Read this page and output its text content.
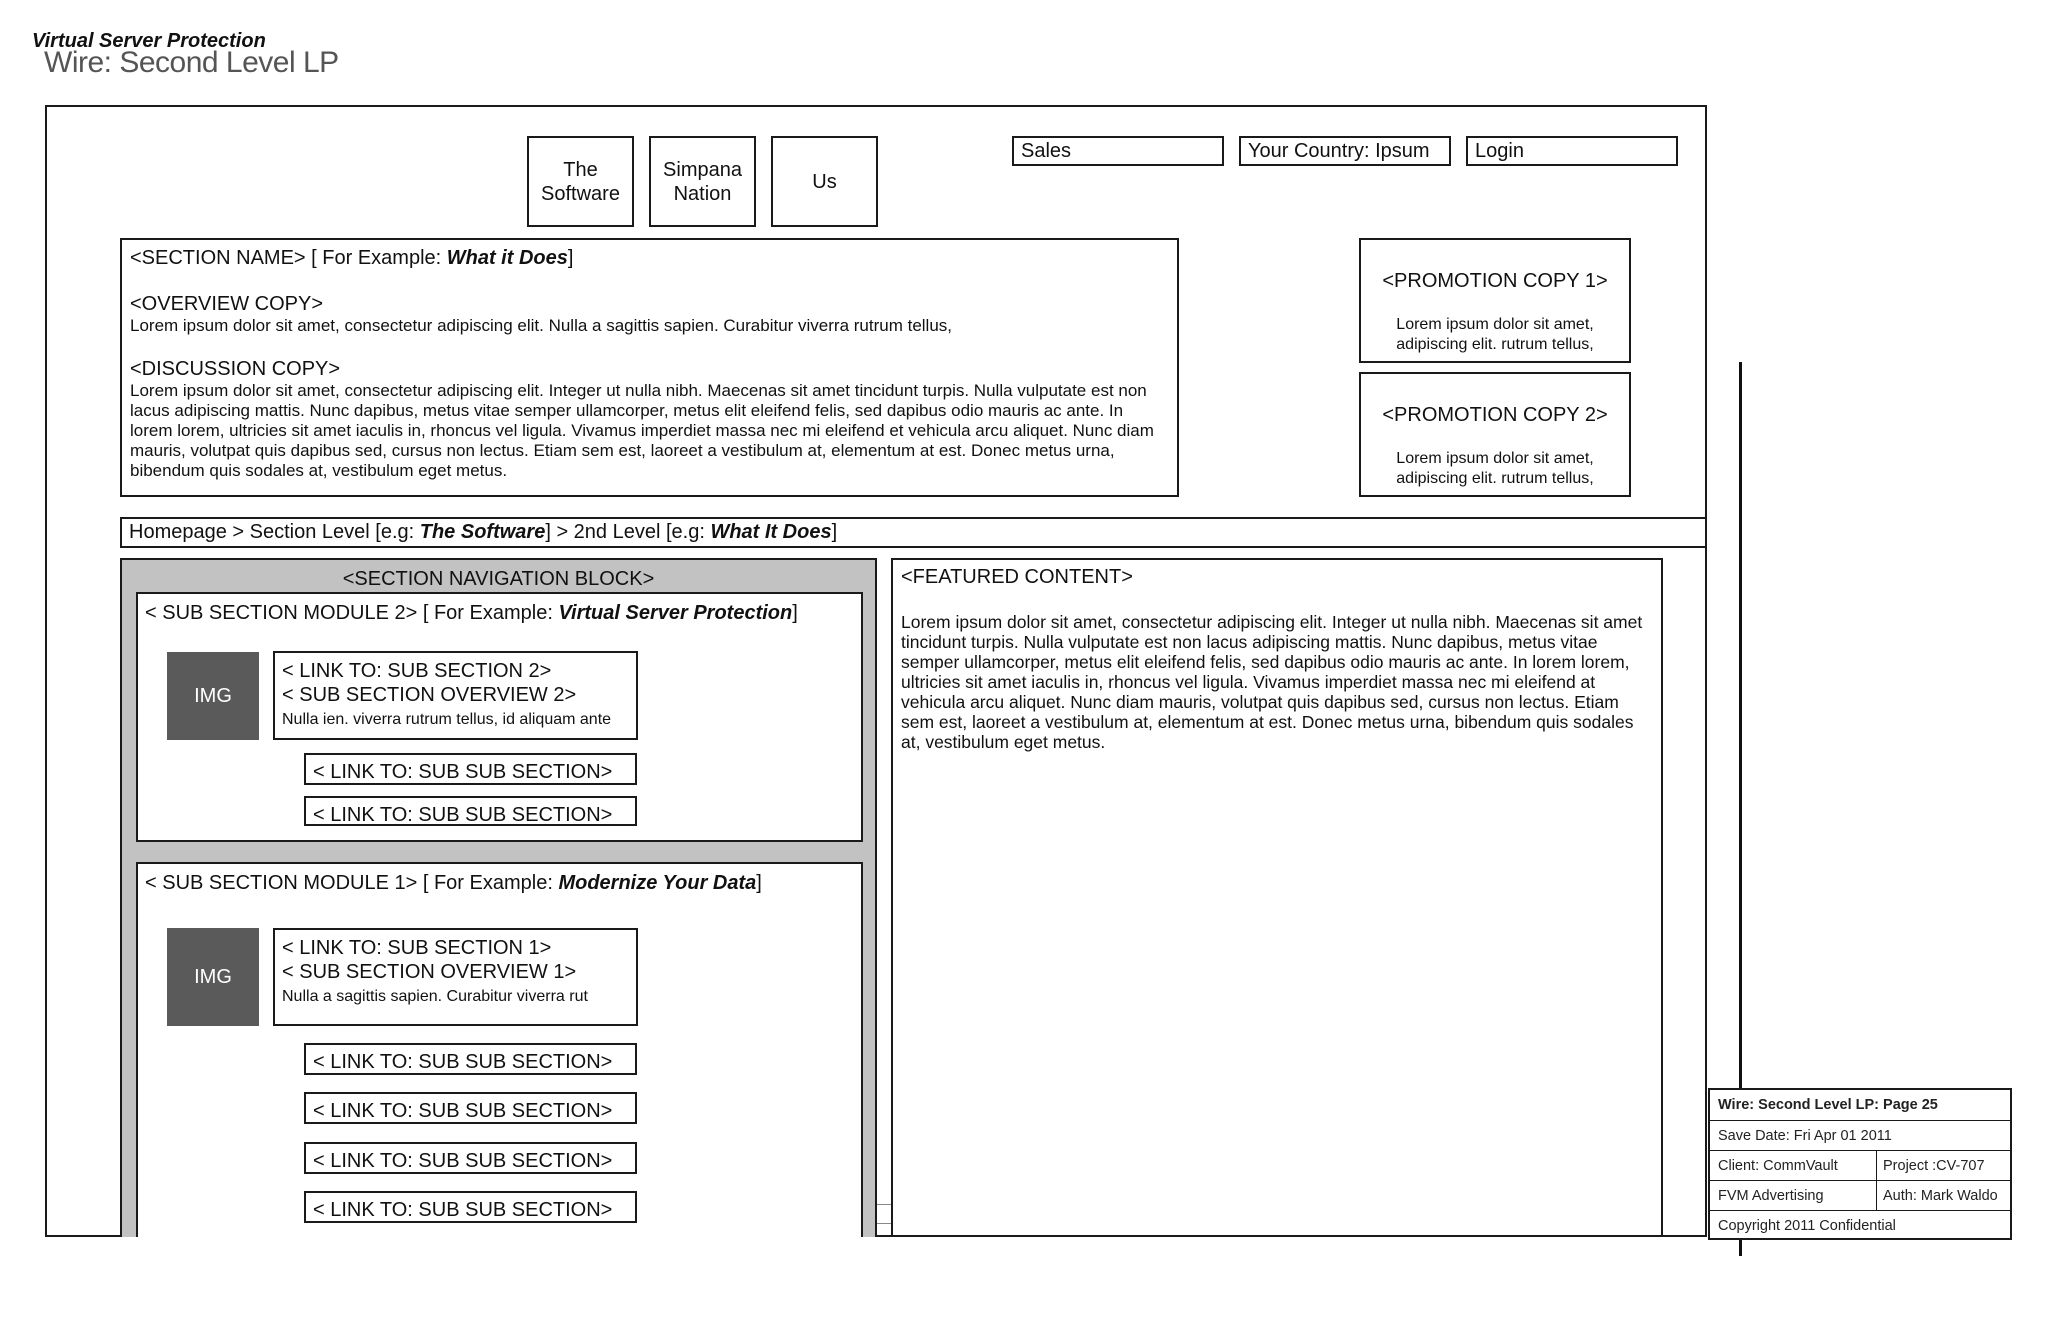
Virtual Server Protection
Wire: Second Level LP
The
Software
Simpana
Nation
Us
Sales	Your Country: Ipsum	Login
<SECTION NAME> [ For Example: What it Does]
<OVERVIEW COPY>
Lorem ipsum dolor sit amet, consectetur adipiscing elit. Nulla a sagittis sapien. Curabitur viverra rutrum tellus,
<DISCUSSION COPY>
Lorem ipsum dolor sit amet, consectetur adipiscing elit. Integer ut nulla nibh. Maecenas sit amet tincidunt turpis. Nulla vulputate est non lacus adipiscing mattis. Nunc dapibus, metus vitae semper ullamcorper, metus elit eleifend felis, sed dapibus odio mauris ac ante. In lorem lorem, ultricies sit amet iaculis in, rhoncus vel ligula. Vivamus imperdiet massa nec mi eleifend et vehicula arcu aliquet. Nunc diam mauris, volutpat quis dapibus sed, cursus non lectus. Etiam sem est, laoreet a vestibulum at, elementum at est. Donec metus urna, bibendum quis sodales at, vestibulum eget metus.
<PROMOTION COPY 1>
Lorem ipsum dolor sit amet,
adipiscing elit. rutrum tellus,
<PROMOTION COPY 2>
Lorem ipsum dolor sit amet,
adipiscing elit. rutrum tellus,
Homepage > Section Level [e.g: The Software] > 2nd Level [e.g: What It Does]
<SECTION NAVIGATION BLOCK>
< SUB SECTION MODULE 2> [ For Example: Virtual Server Protection]
IMG
< LINK TO: SUB SECTION 2>
< SUB SECTION OVERVIEW 2>
Nulla ien. viverra rutrum tellus, id aliquam ante
< LINK TO: SUB SUB SECTION>
< LINK TO: SUB SUB SECTION>
< SUB SECTION MODULE 1> [ For Example: Modernize Your Data]
IMG
< LINK TO: SUB SECTION 1>
< SUB SECTION OVERVIEW 1>
Nulla a sagittis sapien. Curabitur viverra rut
< LINK TO: SUB SUB SECTION>
< LINK TO: SUB SUB SECTION>
< LINK TO: SUB SUB SECTION>
< LINK TO: SUB SUB SECTION>
<FEATURED CONTENT>
Lorem ipsum dolor sit amet, consectetur adipiscing elit. Integer ut nulla nibh. Maecenas sit amet tincidunt turpis. Nulla vulputate est non lacus adipiscing mattis. Nunc dapibus, metus vitae semper ullamcorper, metus elit eleifend felis, sed dapibus odio mauris ac ante. In lorem lorem, ultricies sit amet iaculis in, rhoncus vel ligula. Vivamus imperdiet massa nec mi eleifend at vehicula arcu aliquet. Nunc diam mauris, volutpat quis dapibus sed, cursus non lectus. Etiam sem est, laoreet a vestibulum at, elementum at est. Donec metus urna, bibendum quis sodales at, vestibulum eget metus.
Wire: Second Level LP: Page 25
Save Date: Fri Apr 01 2011
Client: CommVault	Project :CV-707
FVM Advertising	Auth: Mark Waldo
Copyright 2011 Confidential
